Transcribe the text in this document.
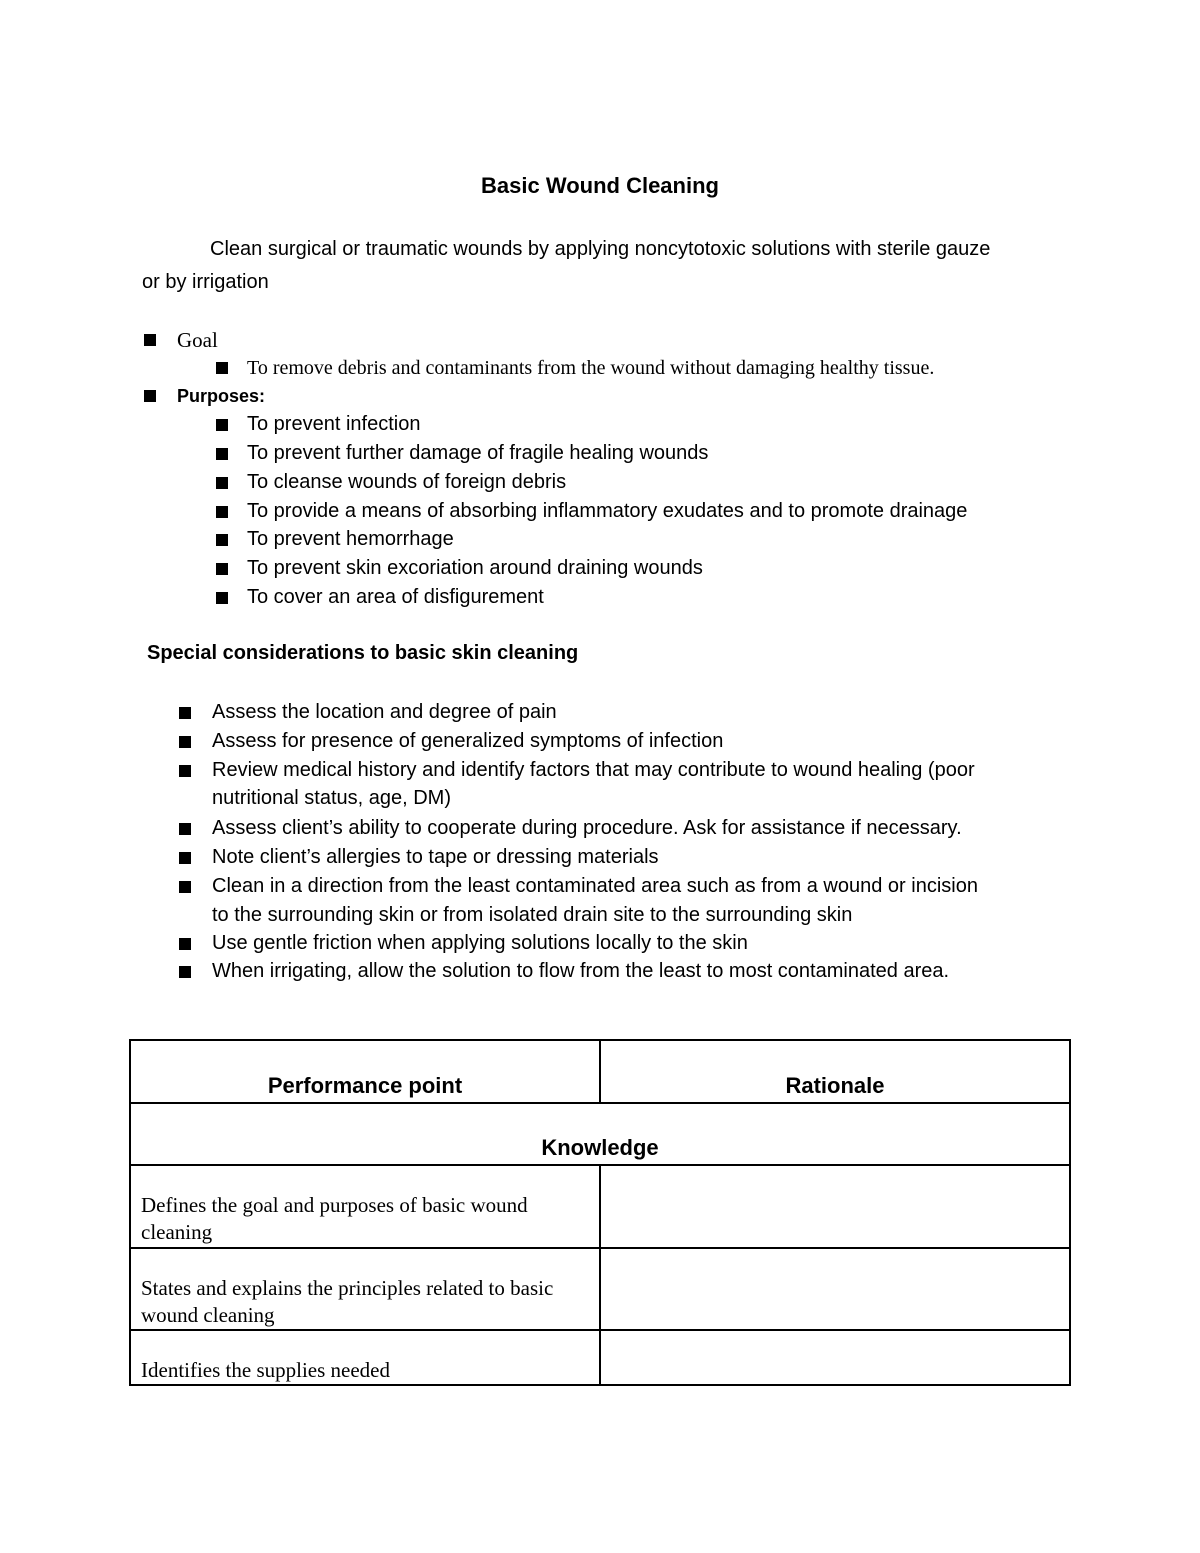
Basic Wound Cleaning
Clean surgical or traumatic wounds by applying noncytotoxic solutions with sterile gauze
or by irrigation
Goal
To remove debris and contaminants from the wound without damaging healthy tissue.
Purposes:
To prevent infection
To prevent further damage of fragile healing wounds
To cleanse wounds of foreign debris
To provide a means of absorbing inflammatory exudates and to promote drainage
To prevent hemorrhage
To prevent skin excoriation around draining wounds
To cover an area of disfigurement
Special considerations to basic skin cleaning
Assess the location and degree of pain
Assess for presence of generalized symptoms of infection
Review medical history and identify factors that may contribute to wound healing (poor
nutritional status, age, DM)
Assess client’s ability to cooperate during procedure. Ask for assistance if necessary.
Note client’s allergies to tape or dressing materials
Clean in a direction from the least contaminated area such as from a wound or incision
to the surrounding skin or from isolated drain site to the surrounding skin
Use gentle friction when applying solutions locally to the skin
When irrigating, allow the solution to flow from the least to most contaminated area.
Performance point	Rationale
Knowledge
Defines the goal and purposes of basic wound cleaning
States and explains the principles related to basic wound cleaning
Identifies the supplies needed
